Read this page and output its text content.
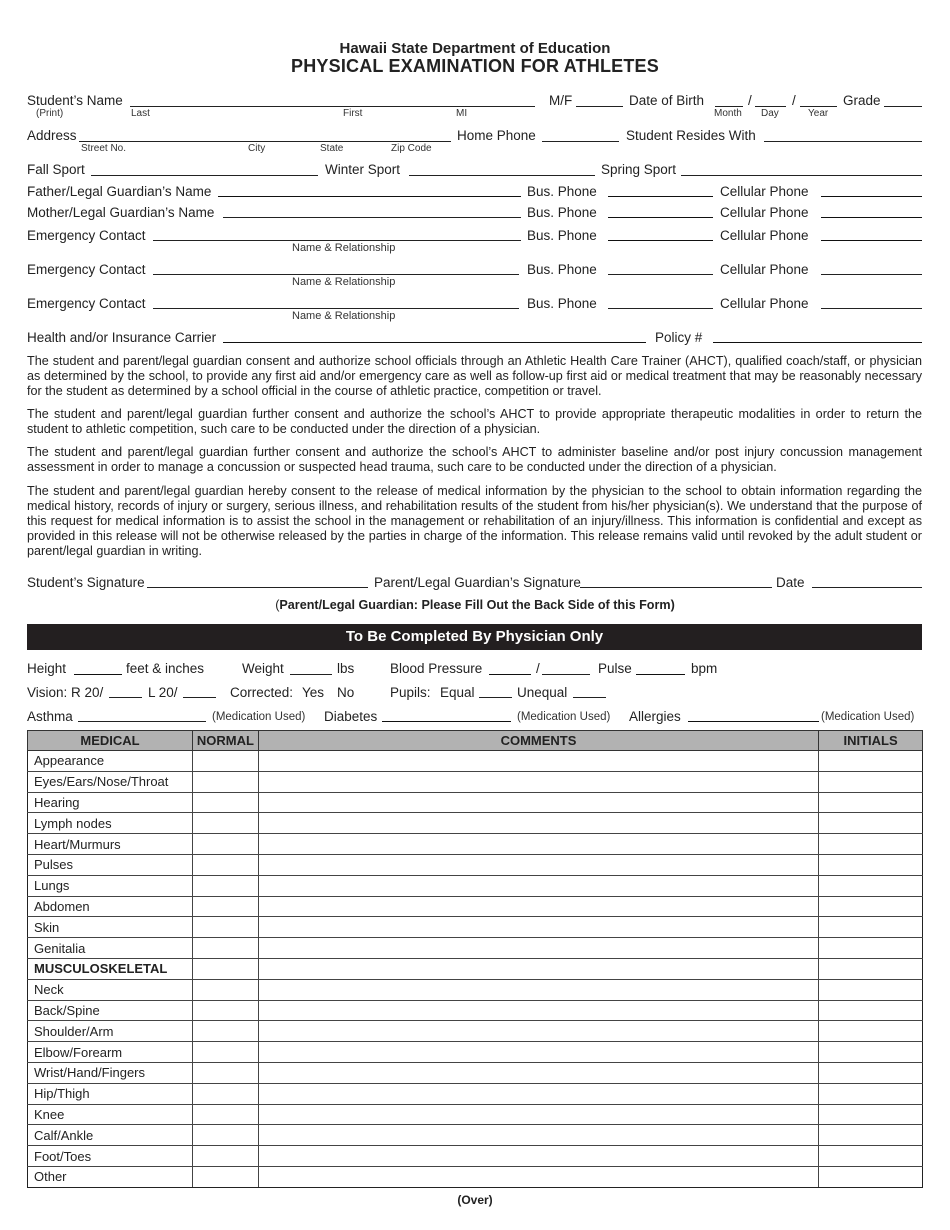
Hawaii State Department of Education
PHYSICAL EXAMINATION FOR ATHLETES
Student’s Name
(Print)	Last	First	MI
M/F	Date of Birth	/	/
Month Day	Year
Grade
Address
Street No.	City	State	Zip Code
Home Phone	Student Resides With
Fall Sport	Winter Sport	Spring Sport
Father/Legal Guardian’s Name	Bus. Phone	Cellular Phone
Mother/Legal Guardian’s Name	Bus. Phone	Cellular Phone
Emergency Contact
Name & Relationship
Bus. Phone	Cellular Phone
Emergency Contact
Name & Relationship
Bus. Phone	Cellular Phone
Emergency Contact
Name & Relationship
Bus. Phone	Cellular Phone
Health and/or Insurance Carrier	Policy #
The student and parent/legal guardian consent and authorize school officials through an Athletic Health Care Trainer (AHCT), qualified coach/staff, or physician as determined by the school, to provide any first aid and/or emergency care as well as follow-up first aid or medical treatment that may be reasonably necessary for the student as determined by a school official in the course of athletic practice, competition or travel.
The student and parent/legal guardian further consent and authorize the school’s AHCT to provide appropriate therapeutic modalities in order to return the student to athletic competition, such care to be conducted under the direction of a physician.
The student and parent/legal guardian further consent and authorize the school’s AHCT to administer baseline and/or post injury concussion management assessment in order to manage a concussion or suspected head trauma, such care to be conducted under the direction of a physician.
The student and parent/legal guardian hereby consent to the release of medical information by the physician to the school to obtain information regarding the medical history, records of injury or surgery, serious illness, and rehabilitation results of the student from his/her physician(s). We understand that the purpose of this request for medical information is to assist the school in the management or rehabilitation of an injury/illness. This information is confidential and except as provided in this release will not be otherwise released by the parties in charge of the information. This release remains valid until revoked by the adult student or parent/legal guardian in writing.
Student’s Signature	Parent/Legal Guardian’s Signature	Date
(Parent/Legal Guardian: Please Fill Out the Back Side of this Form)
To Be Completed By Physician Only
Height	feet & inches	Weight	lbs	Blood Pressure	/	Pulse	bpm
Vision: R 20/	L 20/	Corrected: Yes No	Pupils: Equal	Unequal
Asthma	(Medication Used) Diabetes	(Medication Used) Allergies	(Medication Used)
MEDICAL	NORMAL	COMMENTS	INITIALS
Appearance			
Eyes/Ears/Nose/Throat			
Hearing			
Lymph nodes			
Heart/Murmurs			
Pulses			
Lungs			
Abdomen			
Skin			
Genitalia			
MUSCULOSKELETAL			
Neck			
Back/Spine			
Shoulder/Arm			
Elbow/Forearm			
Wrist/Hand/Fingers			
Hip/Thigh			
Knee			
Calf/Ankle			
Foot/Toes			
Other			
(Over)
